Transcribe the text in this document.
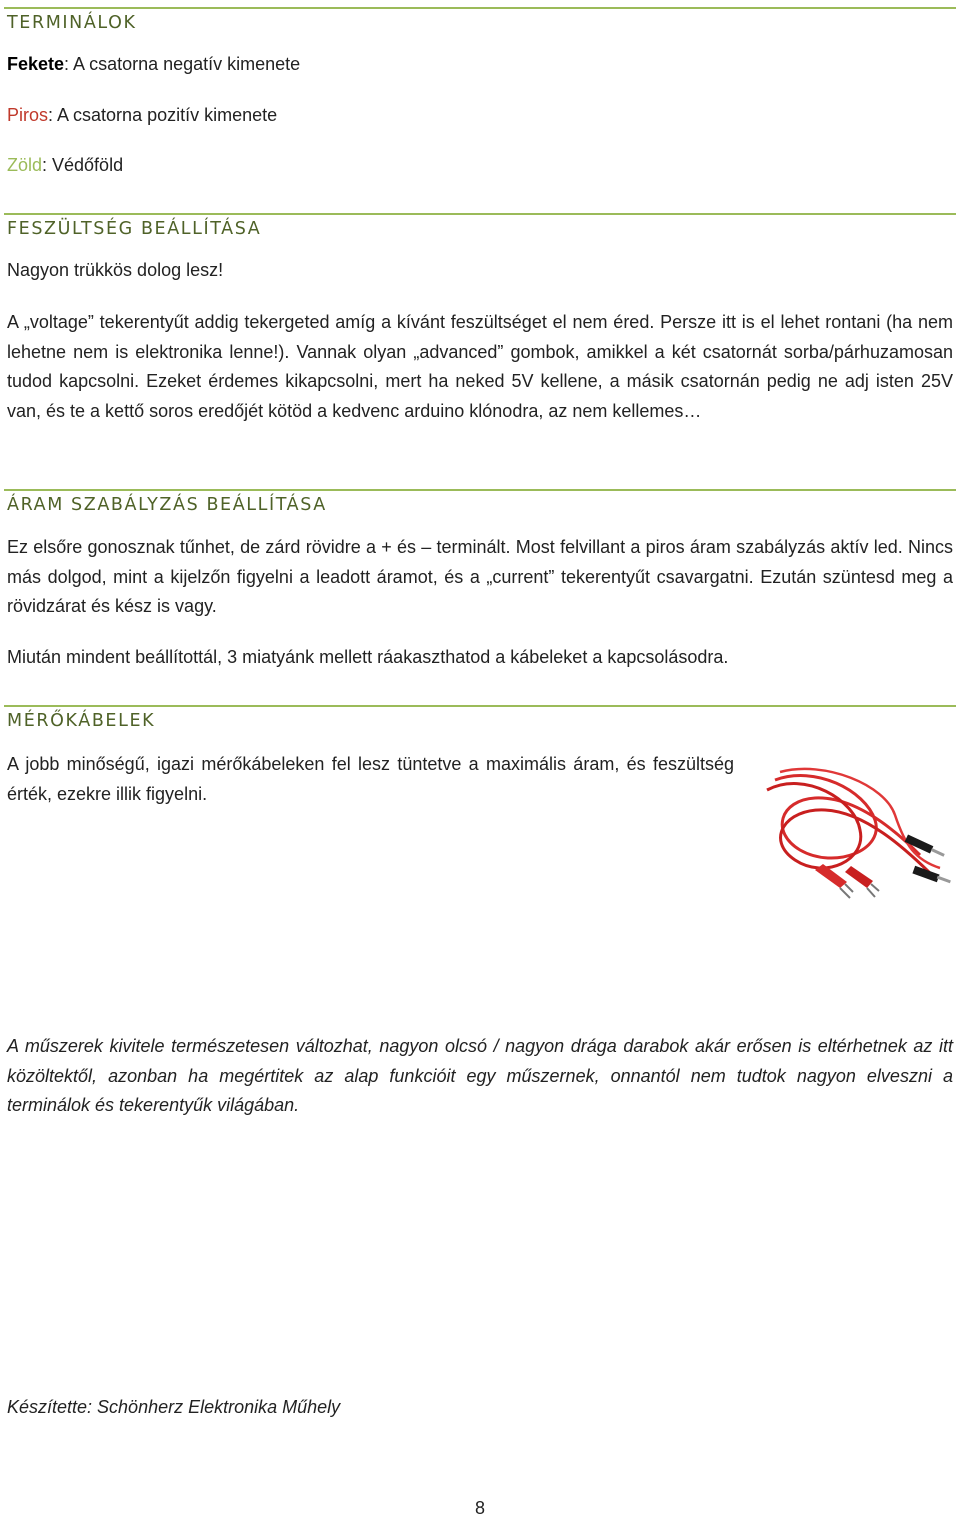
TERMINÁLOK

Fekete: A csatorna negatív kimenete

Piros: A csatorna pozitív kimenete

Zöld: Védőföld

FESZÜLTSÉG BEÁLLÍTÁSA

Nagyon trükkös dolog lesz!

A „voltage” tekerentyűt addig tekergeted amíg a kívánt feszültséget el nem éred. Persze itt is el lehet rontani (ha nem lehetne nem is elektronika lenne!). Vannak olyan „advanced” gombok, amikkel a két csatornát sorba/párhuzamosan tudod kapcsolni. Ezeket érdemes kikapcsolni, mert ha neked 5V kellene, a másik csatornán pedig ne adj isten 25V van, és te a kettő soros eredőjét kötöd a kedvenc arduino klónodra, az nem kellemes…

ÁRAM SZABÁLYZÁS BEÁLLÍTÁSA

Ez elsőre gonosznak tűnhet, de zárd rövidre a + és – terminált. Most felvillant a piros áram szabályzás aktív led. Nincs más dolgod, mint a kijelzőn figyelni a leadott áramot, és a „current” tekerentyűt csavargatni. Ezután szüntesd meg a rövidzárat és kész is vagy.

Miután mindent beállítottál, 3 miatyánk mellett ráakaszthatod a kábeleket a kapcsolásodra.

MÉRŐKÁBELEK

A jobb minőségű, igazi mérőkábeleken fel lesz tüntetve a maximális áram, és feszültség érték, ezekre illik figyelni.

A műszerek kivitele természetesen változhat, nagyon olcsó / nagyon drága darabok akár erősen is eltérhetnek az itt közöltektől, azonban ha megértitek az alap funkcióit egy műszernek, onnantól nem tudtok nagyon elveszni a terminálok és tekerentyűk világában.

Készítette: Schönherz Elektronika Műhely

8
